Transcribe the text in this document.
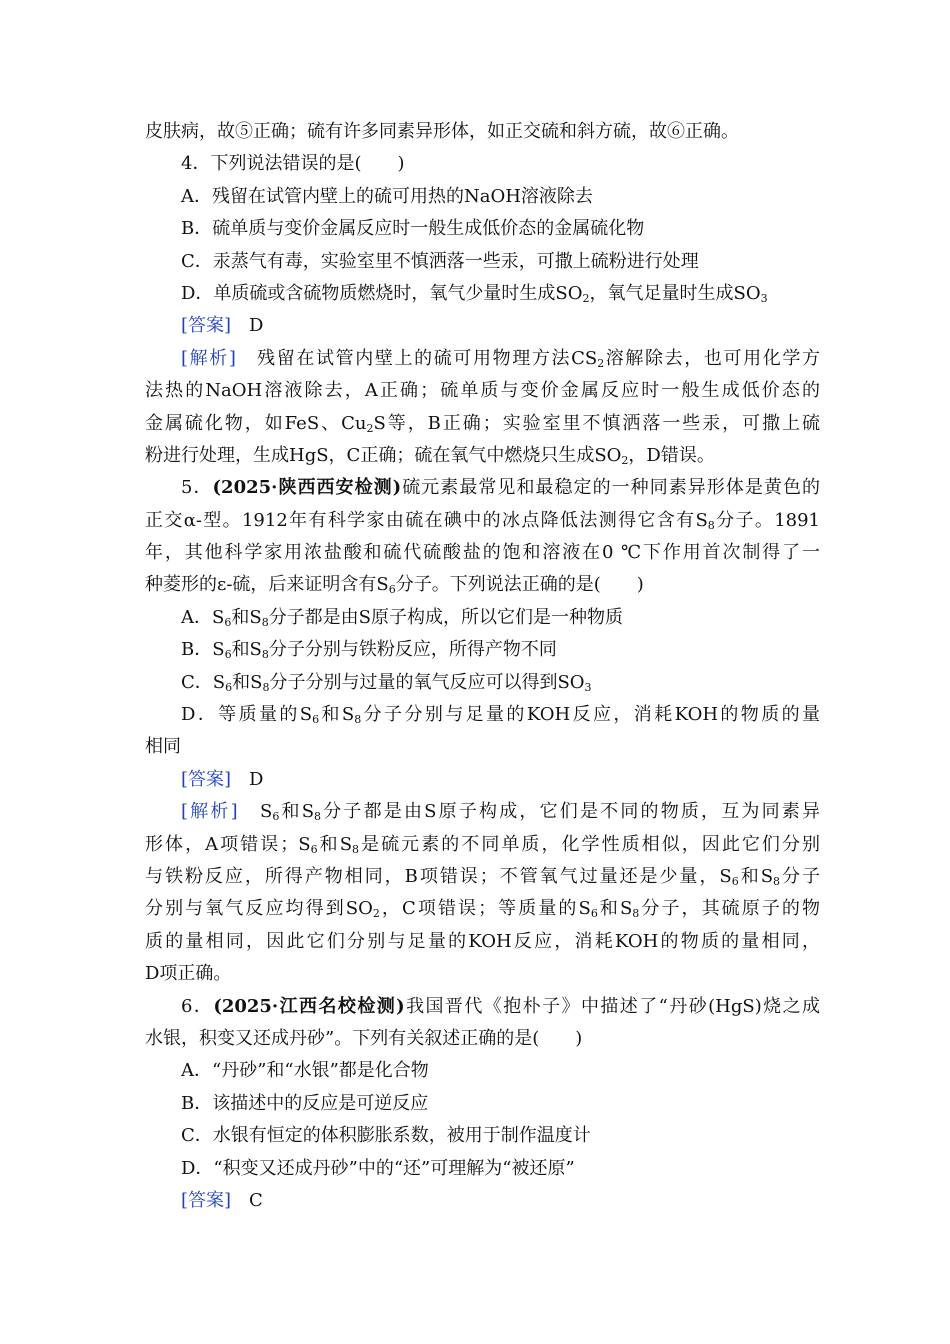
皮肤病，故⑤正确；硫有许多同素异形体，如正交硫和斜方硫，故⑥正确。
4．下列说法错误的是(　　)
A．残留在试管内壁上的硫可用热的NaOH溶液除去
B．硫单质与变价金属反应时一般生成低价态的金属硫化物
C．汞蒸气有毒，实验室里不慎洒落一些汞，可撒上硫粉进行处理
D．单质硫或含硫物质燃烧时，氧气少量时生成$SO_2$，氧气足量时生成$SO_3$
[答案]　 D
[解析]　 残留在试管内壁上的硫可用物理方法$CS_2$溶解除去，也可用化学方
法热的NaOH溶液除去，A正确；硫单质与变价金属反应时一般生成低价态的
金属硫化物，如FeS、$Cu_2S$等，B正确；实验室里不慎洒落一些汞，可撒上硫
粉进行处理，生成HgS，C正确；硫在氧气中燃烧只生成$SO_2$，D错误。
5．(2025·陕西西安检测)硫元素最常见和最稳定的一种同素异形体是黄色的
正交α-型。1912年有科学家由硫在碘中的冰点降低法测得它含有$S_8$分子。1891
年，其他科学家用浓盐酸和硫代硫酸盐的饱和溶液在0 ℃下作用首次制得了一
种菱形的ε-硫，后来证明含有$S_6$分子。下列说法正确的是(　　)
A．$S_6$和$S_8$分子都是由S原子构成，所以它们是一种物质
B．$S_6$和$S_8$分子分别与铁粉反应，所得产物不同
C．$S_6$和$S_8$分子分别与过量的氧气反应可以得到$SO_3$
D．等质量的$S_6$和$S_8$分子分别与足量的KOH反应，消耗KOH的物质的量
相同
[答案]　 D
[解析]　 $S_6$和$S_8$分子都是由S原子构成，它们是不同的物质，互为同素异
形体，A项错误；$S_6$和$S_8$是硫元素的不同单质，化学性质相似，因此它们分别
与铁粉反应，所得产物相同，B项错误；不管氧气过量还是少量，$S_6$和$S_8$分子
分别与氧气反应均得到$SO_2$，C项错误；等质量的$S_6$和$S_8$分子，其硫原子的物
质的量相同，因此它们分别与足量的KOH反应，消耗KOH的物质的量相同，
D项正确。
6．(2025·江西名校检测)我国晋代《抱朴子》中描述了“丹砂(HgS)烧之成
水银，积变又还成丹砂”。下列有关叙述正确的是(　　)
A．“丹砂”和“水银”都是化合物
B．该描述中的反应是可逆反应
C．水银有恒定的体积膨胀系数，被用于制作温度计
D．“积变又还成丹砂”中的“还”可理解为“被还原”
[答案]　 C
